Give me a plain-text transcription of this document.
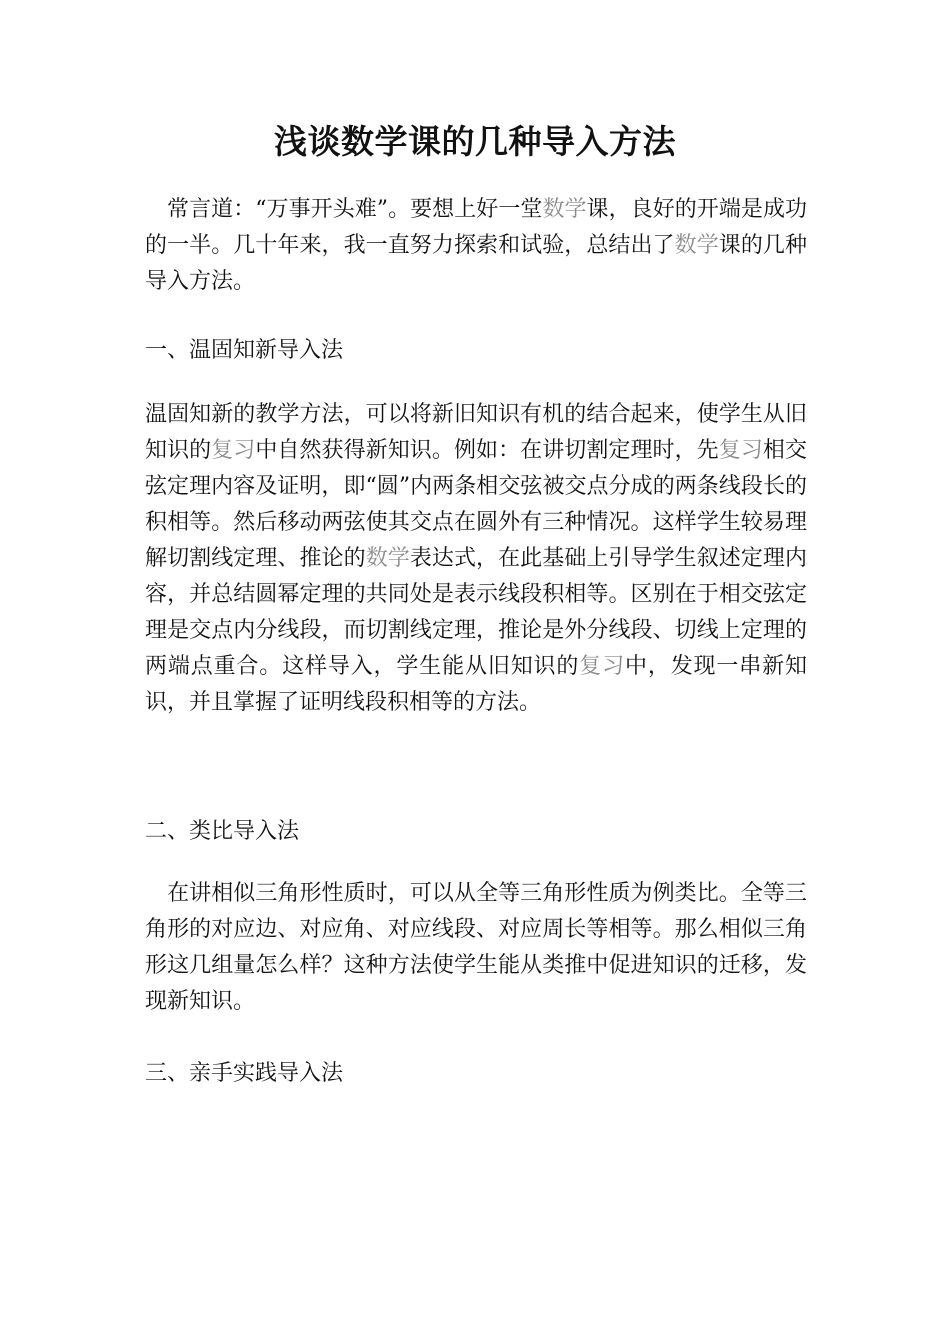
浅谈数学课的几种导入方法

　常言道：“万事开头难”。要想上好一堂数学课，良好的开端是成功的一半。几十年来，我一直努力探索和试验，总结出了数学课的几种导入方法。

一、温固知新导入法

温固知新的教学方法，可以将新旧知识有机的结合起来，使学生从旧知识的复习中自然获得新知识。例如：在讲切割定理时，先复习相交弦定理内容及证明，即“圆”内两条相交弦被交点分成的两条线段长的积相等。然后移动两弦使其交点在圆外有三种情况。这样学生较易理解切割线定理、推论的数学表达式，在此基础上引导学生叙述定理内容，并总结圆幂定理的共同处是表示线段积相等。区别在于相交弦定理是交点内分线段，而切割线定理，推论是外分线段、切线上定理的两端点重合。这样导入，学生能从旧知识的复习中，发现一串新知识，并且掌握了证明线段积相等的方法。

二、类比导入法

　在讲相似三角形性质时，可以从全等三角形性质为例类比。全等三角形的对应边、对应角、对应线段、对应周长等相等。那么相似三角形这几组量怎么样？这种方法使学生能从类推中促进知识的迁移，发现新知识。

三、亲手实践导入法
